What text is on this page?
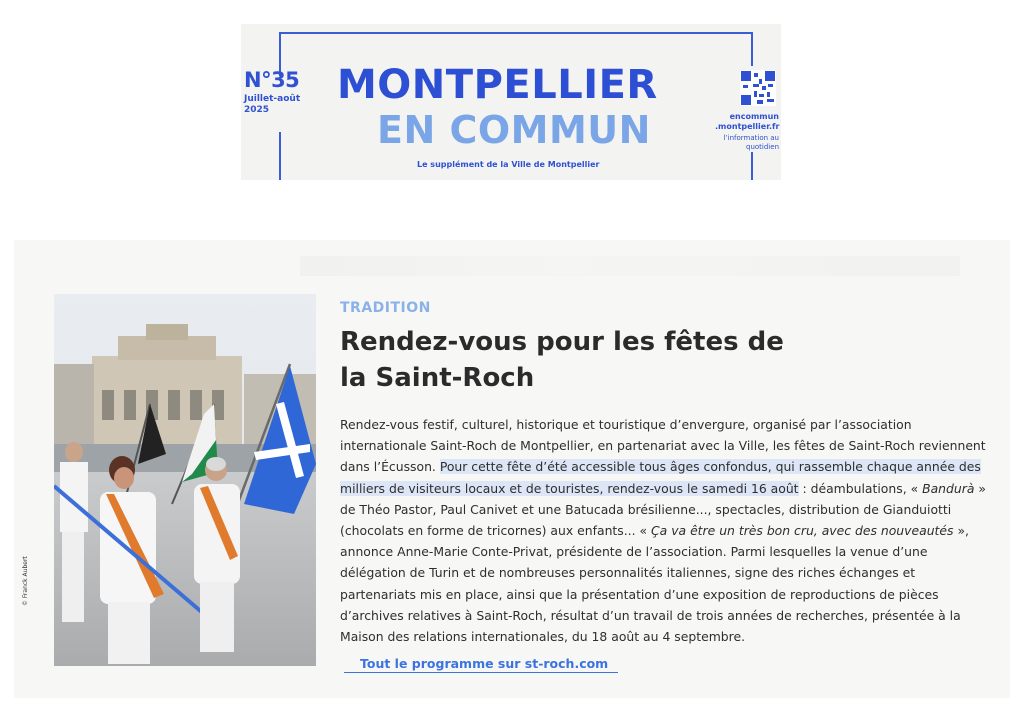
N°35
Juillet-août 2025
MONTPELLIER
EN COMMUN
Le supplément de la Ville de Montpellier
encommun .montpellier.fr
l’information au quotidien
© Franck Aubert
TRADITION
Rendez-vous pour les fêtes de la Saint-Roch

Rendez-vous festif, culturel, historique et touristique d’envergure, organisé par l’association internationale Saint-Roch de Montpellier, en partenariat avec la Ville, les fêtes de Saint-Roch reviennent dans l’Écusson. Pour cette fête d’été accessible tous âges confondus, qui rassemble chaque année des milliers de visiteurs locaux et de touristes, rendez-vous le samedi 16 août : déambulations, « Bandurà » de Théo Pastor, Paul Canivet et une Batucada brésilienne..., spectacles, distribution de Gianduiotti (chocolats en forme de tricornes) aux enfants... « Ça va être un très bon cru, avec des nouveautés », annonce Anne-Marie Conte-Privat, présidente de l’association. Parmi lesquelles la venue d’une délégation de Turin et de nombreuses personnalités italiennes, signe des riches échanges et partenariats mis en place, ainsi que la présentation d’une exposition de reproductions de pièces d’archives relatives à Saint-Roch, résultat d’un travail de trois années de recherches, présentée à la Maison des relations internationales, du 18 août au 4 septembre.

Tout le programme sur st-roch.com
